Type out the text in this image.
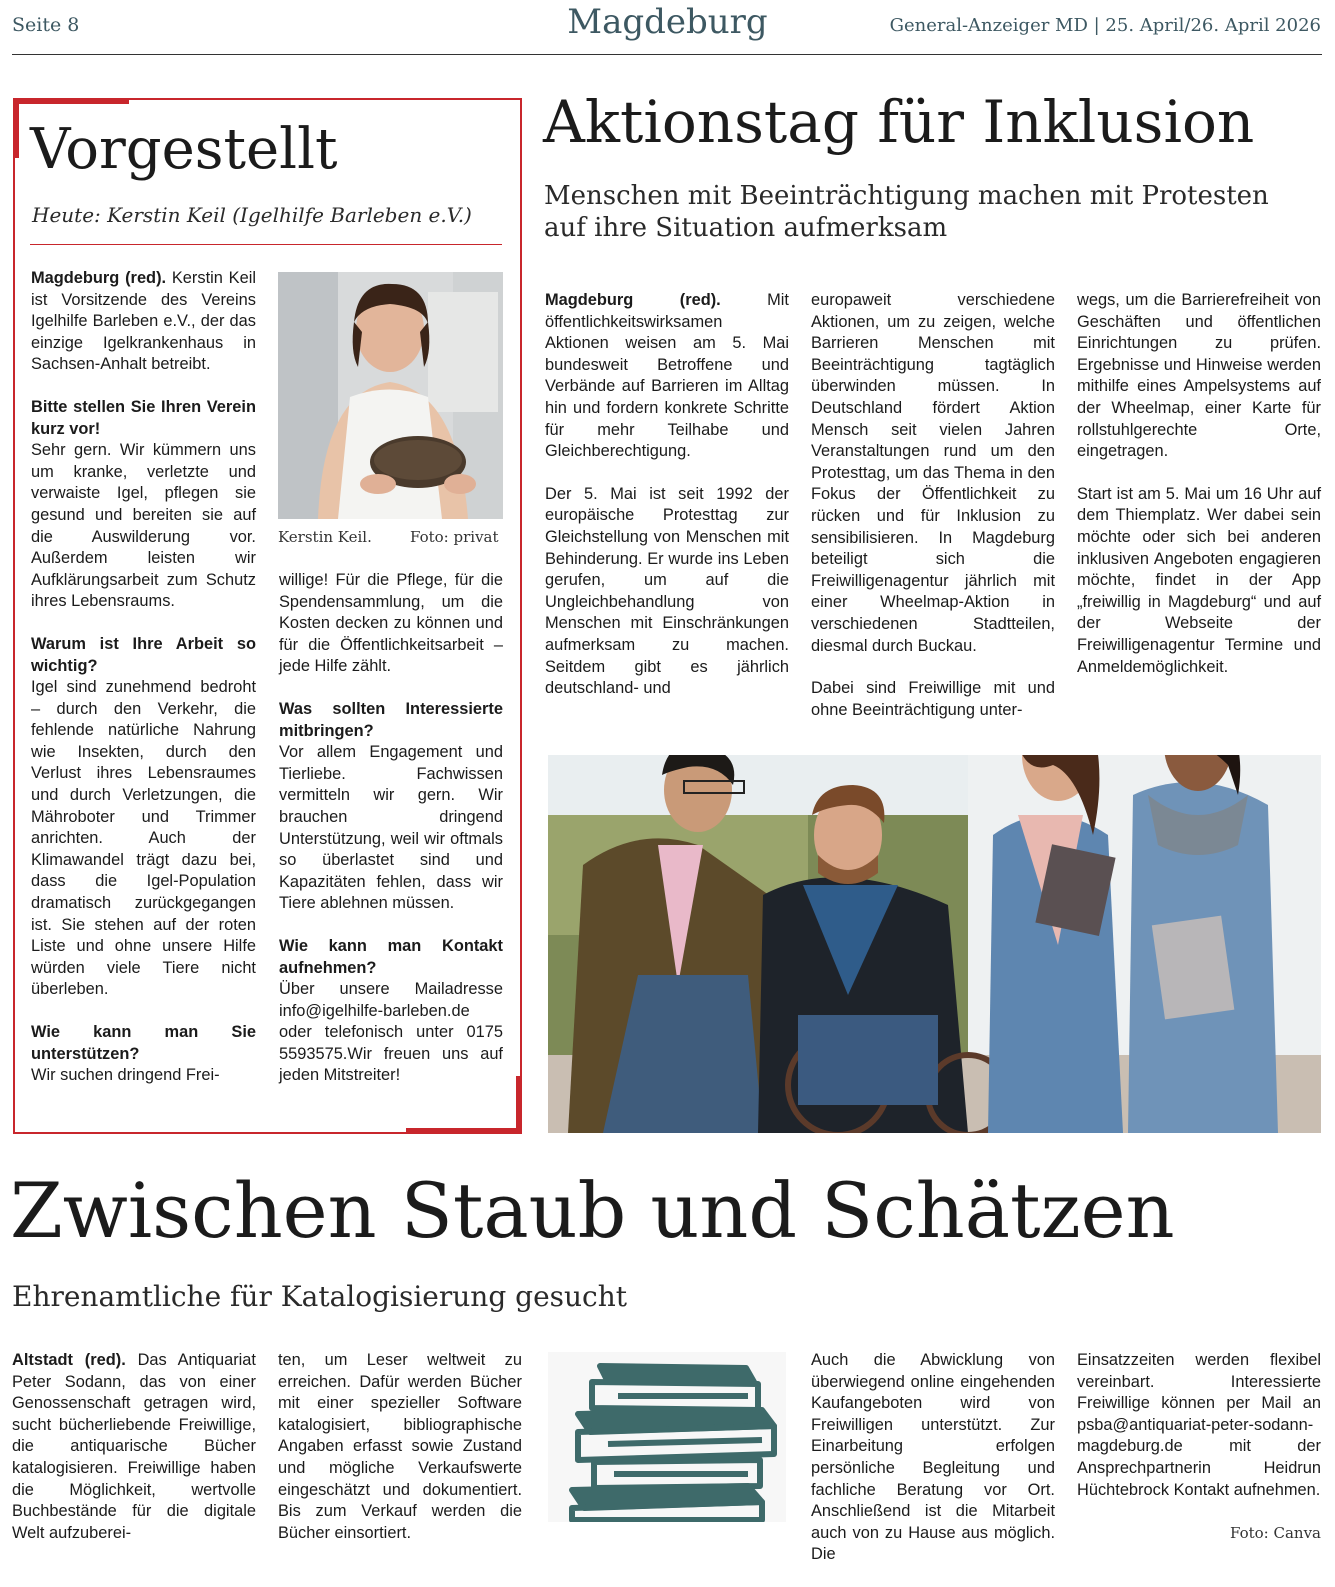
Seite 8	Magdeburg	General-Anzeiger MD | 25. April/26. April 2026
Vorgestellt
Heute: Kerstin Keil (Igelhilfe Barleben e.V.)

Magdeburg (red). Kerstin Keil ist Vorsitzende des Vereins Igelhilfe Barleben e.V., der das einzige Igelkrankenhaus in Sachsen-Anhalt betreibt.

Bitte stellen Sie Ihren Verein kurz vor!
Sehr gern. Wir kümmern uns um kranke, verletzte und verwaiste Igel, pflegen sie gesund und bereiten sie auf die Auswilderung vor. Außerdem leisten wir Aufklärungsarbeit zum Schutz ihres Lebensraums.

Warum ist Ihre Arbeit so wichtig?
Igel sind zunehmend bedroht – durch den Verkehr, die fehlende natürliche Nahrung wie Insekten, durch den Verlust ihres Lebensraumes und durch Verletzungen, die Mähroboter und Trimmer anrichten. Auch der Klimawandel trägt dazu bei, dass die Igel-Population dramatisch zurückgegangen ist. Sie stehen auf der roten Liste und ohne unsere Hilfe würden viele Tiere nicht überleben.

Wie kann man Sie unterstützen?
Wir suchen dringend Frei-

Kerstin Keil.	Foto: privat

willige! Für die Pflege, für die Spendensammlung, um die Kosten decken zu können und für die Öffentlichkeitsarbeit – jede Hilfe zählt.

Was sollten Interessierte mitbringen?
Vor allem Engagement und Tierliebe. Fachwissen vermitteln wir gern. Wir brauchen dringend Unterstützung, weil wir oftmals so überlastet sind und Kapazitäten fehlen, dass wir Tiere ablehnen müssen.

Wie kann man Kontakt aufnehmen?
Über unsere Mailadresse info@igelhilfe-barleben.de oder telefonisch unter 0175 5593575.Wir freuen uns auf jeden Mitstreiter!

Aktionstag für Inklusion
Menschen mit Beeinträchtigung machen mit Protesten auf ihre Situation aufmerksam

Magdeburg (red).	Mit öffentlichkeitswirksamen Aktionen weisen am 5. Mai bundesweit Betroffene und Verbände auf Barrieren im Alltag hin und fordern konkrete Schritte für mehr Teilhabe und Gleichberechtigung.

Der 5. Mai ist seit 1992 der europäische Protesttag zur Gleichstellung von Menschen mit Behinderung. Er wurde ins Leben gerufen, um auf die Ungleichbehandlung von Menschen mit Einschränkungen aufmerksam zu machen. Seitdem gibt es jährlich deutschland- und

europaweit verschiedene Aktionen, um zu zeigen, welche Barrieren Menschen mit Beeinträchtigung tagtäglich überwinden müssen. In Deutschland fördert Aktion Mensch seit vielen Jahren Veranstaltungen rund um den Protesttag, um das Thema in den Fokus der Öffentlichkeit zu rücken und für Inklusion zu sensibilisieren. In Magdeburg beteiligt sich die Freiwilligenagentur jährlich mit einer Wheelmap-Aktion in verschiedenen Stadtteilen, diesmal durch Buckau.

Dabei sind Freiwillige mit und ohne Beeinträchtigung unter-

wegs, um die Barrierefreiheit von Geschäften und öffentlichen Einrichtungen zu prüfen. Ergebnisse und Hinweise werden mithilfe eines Ampelsystems auf der Wheelmap, einer Karte für rollstuhlgerechte Orte, eingetragen.

Start ist am 5. Mai um 16 Uhr auf dem Thiemplatz. Wer dabei sein möchte oder sich bei anderen inklusiven Angeboten engagieren möchte, findet in der App „freiwillig in Magdeburg“ und auf der Webseite der Freiwilligenagentur Termine und Anmeldemöglichkeit.

Zwischen Staub und Schätzen
Ehrenamtliche für Katalogisierung gesucht

Altstadt (red). Das Antiquariat Peter Sodann, das von einer Genossenschaft getragen wird, sucht bücherliebende Freiwillige, die antiquarische Bücher katalogisieren. Freiwillige haben die Möglichkeit, wertvolle Buchbestände für die digitale Welt aufzuberei-

ten, um Leser weltweit zu erreichen. Dafür werden Bücher mit einer spezieller Software katalogisiert, bibliographische Angaben erfasst sowie Zustand und mögliche Verkaufswerte eingeschätzt und dokumentiert. Bis zum Verkauf werden die Bücher einsortiert.

Auch die Abwicklung von überwiegend online eingehenden Kaufangeboten wird von Freiwilligen unterstützt. Zur Einarbeitung erfolgen persönliche Begleitung und fachliche Beratung vor Ort. Anschließend ist die Mitarbeit auch von zu Hause aus möglich. Die

Einsatzzeiten werden flexibel vereinbart. Interessierte Freiwillige können per Mail an psba@antiquariat-peter-sodann-magdeburg.de mit der Ansprechpartnerin Heidrun Hüchtebrock Kontakt aufnehmen.

Foto: Canva
